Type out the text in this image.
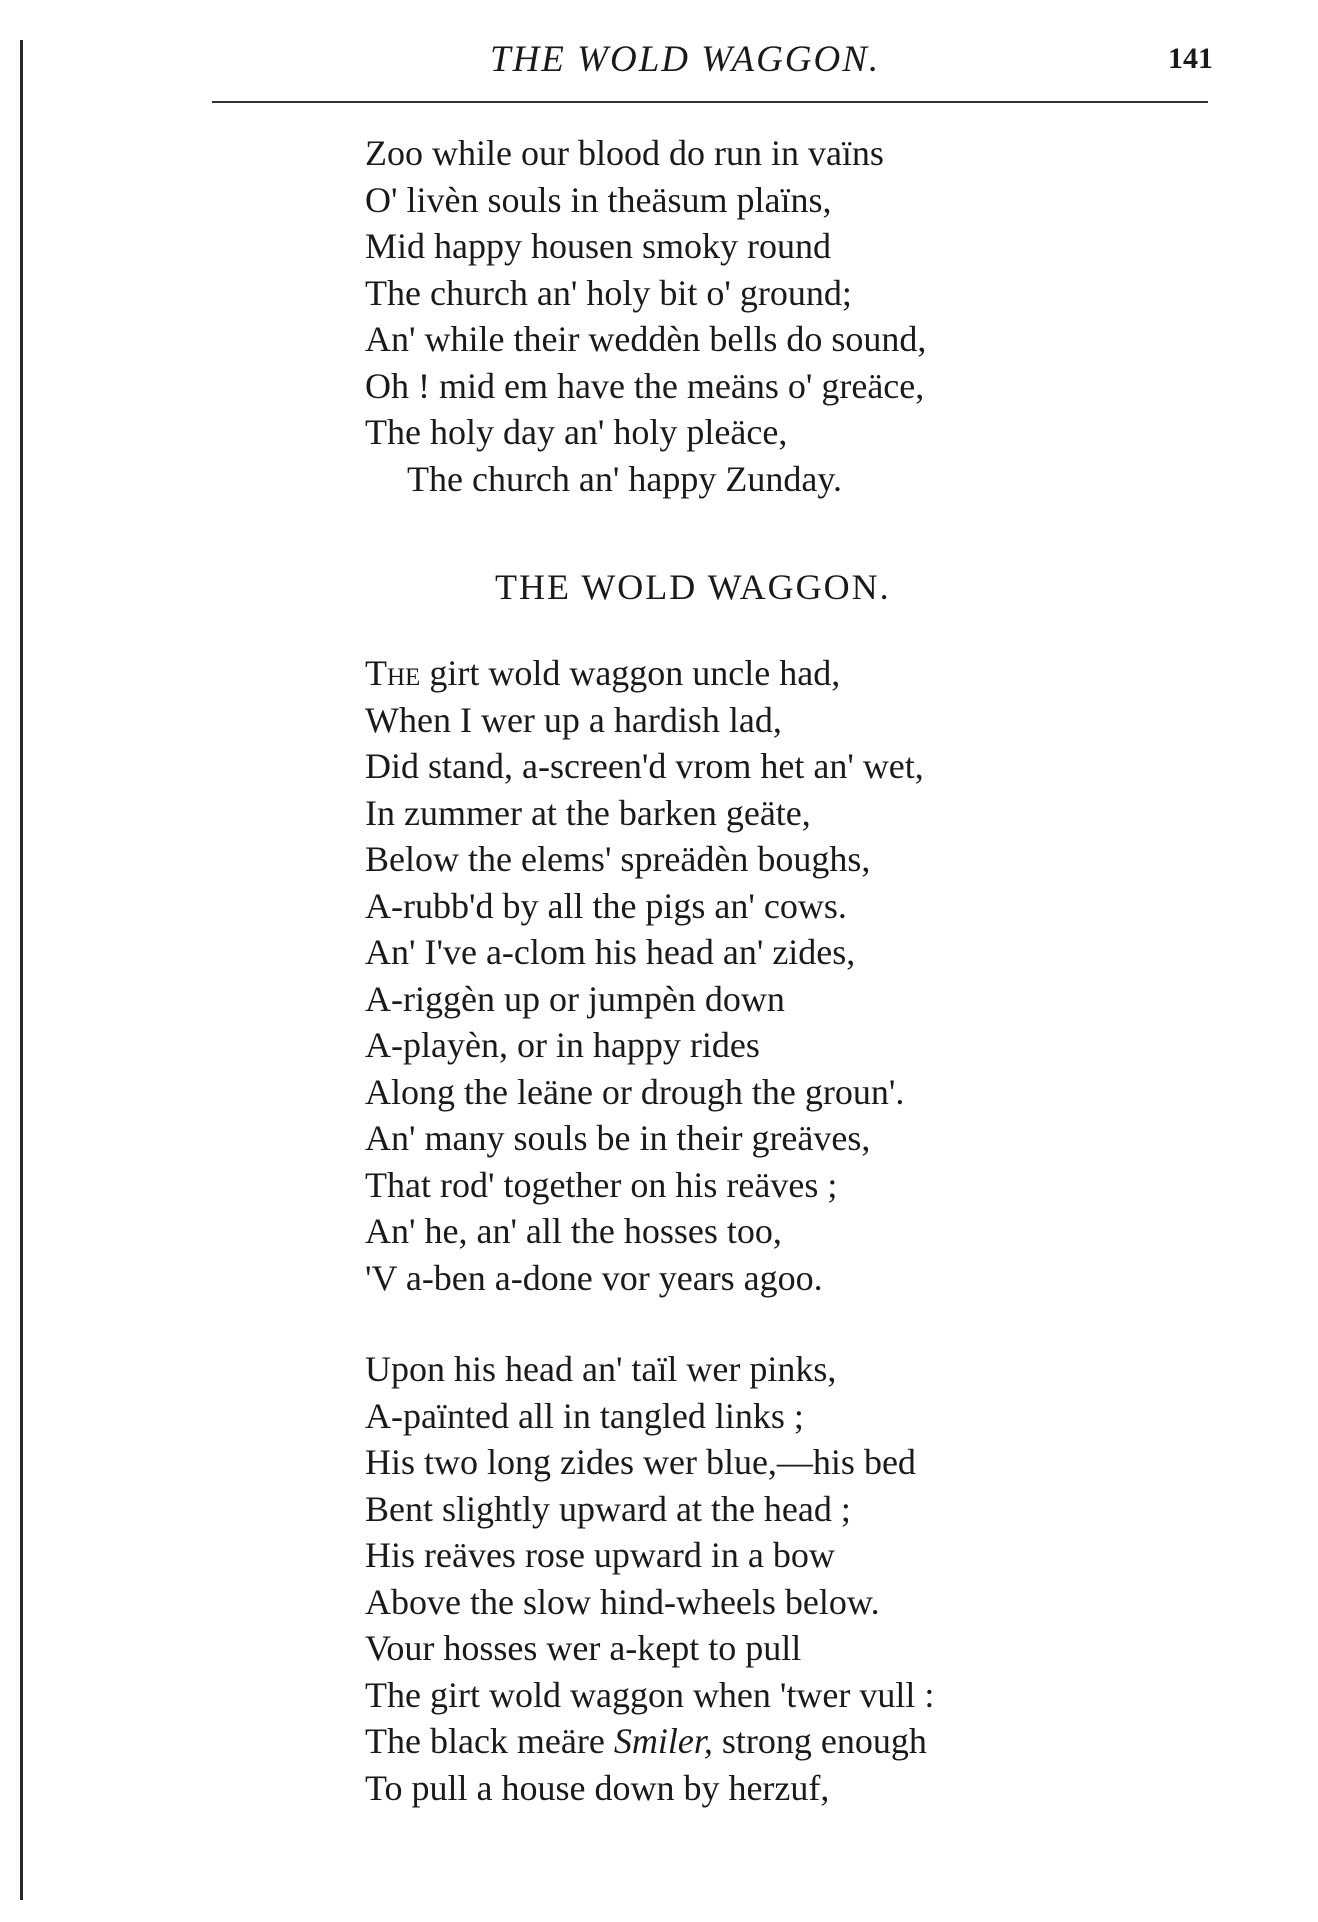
THE WOLD WAGGON.	141
Zoo while our blood do run in vaïns
O' livèn souls in theäsum plaïns,
Mid happy housen smoky round
The church an' holy bit o' ground;
An' while their weddèn bells do sound,
Oh ! mid em have the meäns o' greäce,
The holy day an' holy pleäce,
The church an' happy Zunday.
THE WOLD WAGGON.
The girt wold waggon uncle had,
When I wer up a hardish lad,
Did stand, a-screen'd vrom het an' wet,
In zummer at the barken geäte,
Below the elems' spreädèn boughs,
A-rubb'd by all the pigs an' cows.
An' I've a-clom his head an' zides,
A-riggèn up or jumpèn down
A-playèn, or in happy rides
Along the leäne or drough the groun'.
An' many souls be in their greäves,
That rod' together on his reäves ;
An' he, an' all the hosses too,
'V a-ben a-done vor years agoo.
Upon his head an' taïl wer pinks,
A-païnted all in tangled links ;
His two long zides wer blue,—his bed
Bent slightly upward at the head ;
His reäves rose upward in a bow
Above the slow hind-wheels below.
Vour hosses wer a-kept to pull
The girt wold waggon when 'twer vull :
The black meäre Smiler, strong enough
To pull a house down by herzuf,
